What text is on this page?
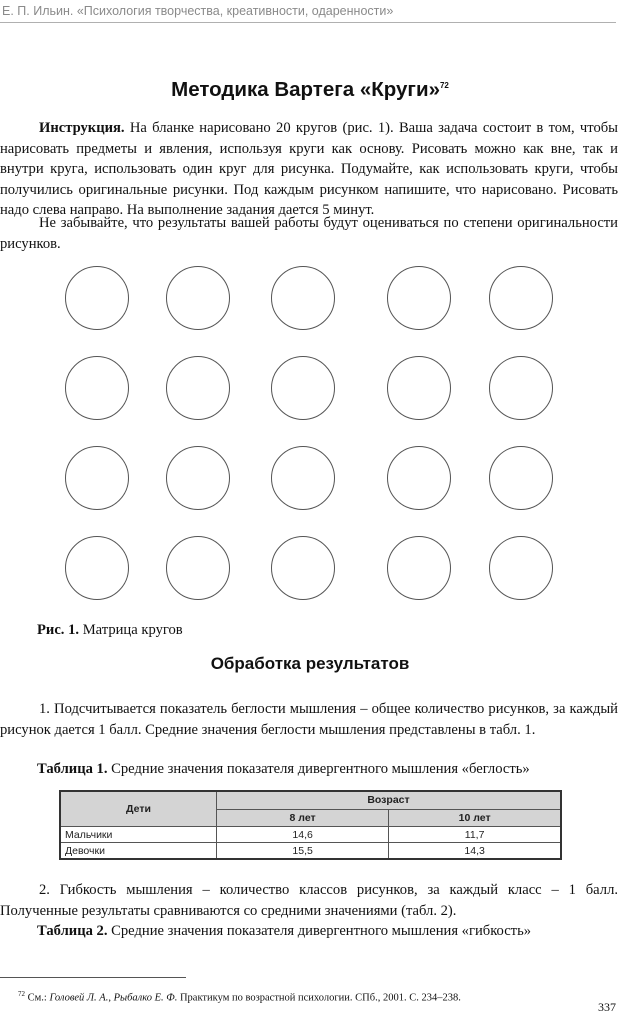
Е. П. Ильин. «Психология творчества, креативности, одаренности»
Методика Вартега «Круги»$^{72}$

Инструкция. На бланке нарисовано 20 кругов (рис. 1). Ваша задача состоит в том, чтобы нарисовать предметы и явления, используя круги как основу. Рисовать можно как вне, так и внутри круга, использовать один круг для рисунка. Подумайте, как использовать круги, чтобы получились оригинальные рисунки. Под каждым рисунком напишите, что нарисовано. Рисовать надо слева направо. На выполнение задания дается 5 минут.

Не забывайте, что результаты вашей работы будут оцениваться по степени оригинальности рисунков.

Рис. 1. Матрица кругов
Обработка результатов

1. Подсчитывается показатель беглости мышления – общее количество рисунков, за каждый рисунок дается 1 балл. Средние значения беглости мышления представлены в табл. 1.

Таблица 1. Средние значения показателя дивергентного мышления «беглость»
Дети	Возраст	
	8 лет	10 лет
Мальчики	14,6	11,7
Девочки	15,5	14,3

2. Гибкость мышления – количество классов рисунков, за каждый класс – 1 балл. Полученные результаты сравниваются со средними значениями (табл. 2).

Таблица 2. Средние значения показателя дивергентного мышления «гибкость»
$^{72}$ См.: Головей Л. А., Рыбалко Е. Ф. Практикум по возрастной психологии. СПб., 2001. С. 234–238.
337
